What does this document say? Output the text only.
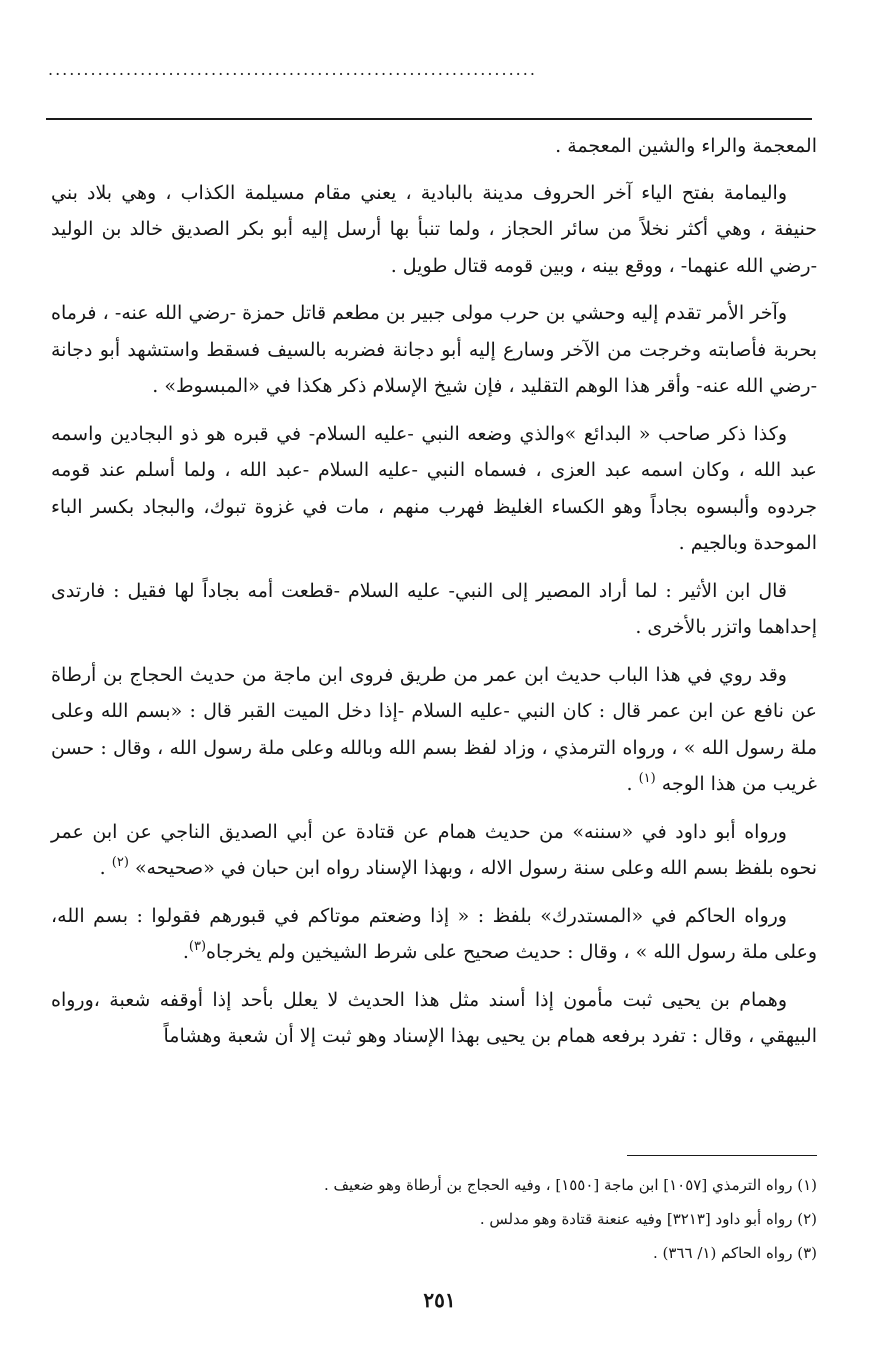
.....................................................................

المعجمة والراء والشين المعجمة .

واليمامة بفتح الياء آخر الحروف مدينة بالبادية ، يعني مقام مسيلمة الكذاب ، وهي بلاد بني حنيفة ، وهي أكثر نخلاً من سائر الحجاز ، ولما تنبأ بها أرسل إليه أبو بكر الصديق خالد بن الوليد -رضي الله عنهما- ، ووقع بينه ، وبين قومه قتال طويل .

وآخر الأمر تقدم إليه وحشي بن حرب مولى جبير بن مطعم قاتل حمزة -رضي الله عنه- ، فرماه بحربة فأصابته وخرجت من الآخر وسارع إليه أبو دجانة فضربه بالسيف فسقط واستشهد أبو دجانة -رضي الله عنه- وأقر هذا الوهم التقليد ، فإن شيخ الإسلام ذكر هكذا في «المبسوط» .

وكذا ذكر صاحب « البدائع »والذي وضعه النبي -عليه السلام- في قبره هو ذو البجادين واسمه عبد الله ، وكان اسمه عبد العزى ، فسماه النبي -عليه السلام -عبد الله ، ولما أسلم عند قومه جردوه وألبسوه بجاداً وهو الكساء الغليظ فهرب منهم ، مات في غزوة تبوك، والبجاد بكسر الباء الموحدة وبالجيم .

قال ابن الأثير : لما أراد المصير إلى النبي- عليه السلام -قطعت أمه بجاداً لها فقيل : فارتدى إحداهما واتزر بالأخرى .

وقد روي في هذا الباب حديث ابن عمر من طريق فروى ابن ماجة من حديث الحجاج بن أرطاة عن نافع عن ابن عمر قال : كان النبي -عليه السلام -إذا دخل الميت القبر قال : «بسم الله وعلى ملة رسول الله » ، ورواه الترمذي ، وزاد لفظ بسم الله وبالله وعلى ملة رسول الله ، وقال : حسن غريب من هذا الوجه $^{(١)}$ .

ورواه أبو داود في «سننه» من حديث همام عن قتادة عن أبي الصديق الناجي عن ابن عمر نحوه بلفظ بسم الله وعلى سنة رسول الاله ، وبهذا الإسناد رواه ابن حبان في «صحيحه» $^{(٢)}$ .

ورواه الحاكم في «المستدرك» بلفظ : « إذا وضعتم موتاكم في قبورهم فقولوا : بسم الله، وعلى ملة رسول الله » ، وقال : حديث صحيح على شرط الشيخين ولم يخرجاه$^{(٣)}$.

وهمام بن يحيى ثبت مأمون إذا أسند مثل هذا الحديث لا يعلل بأحد إذا أوقفه شعبة ،ورواه البيهقي ، وقال : تفرد برفعه همام بن يحيى بهذا الإسناد وهو ثبت إلا أن شعبة وهشاماً

(١) رواه الترمذي [١٠٥٧] ابن ماجة [١٥٥٠] ، وفيه الحجاج بن أرطاة وهو ضعيف .

(٢) رواه أبو داود [٣٢١٣] وفيه عنعنة قتادة وهو مدلس .

(٣) رواه الحاكم (١/ ٣٦٦) .

٢٥١
